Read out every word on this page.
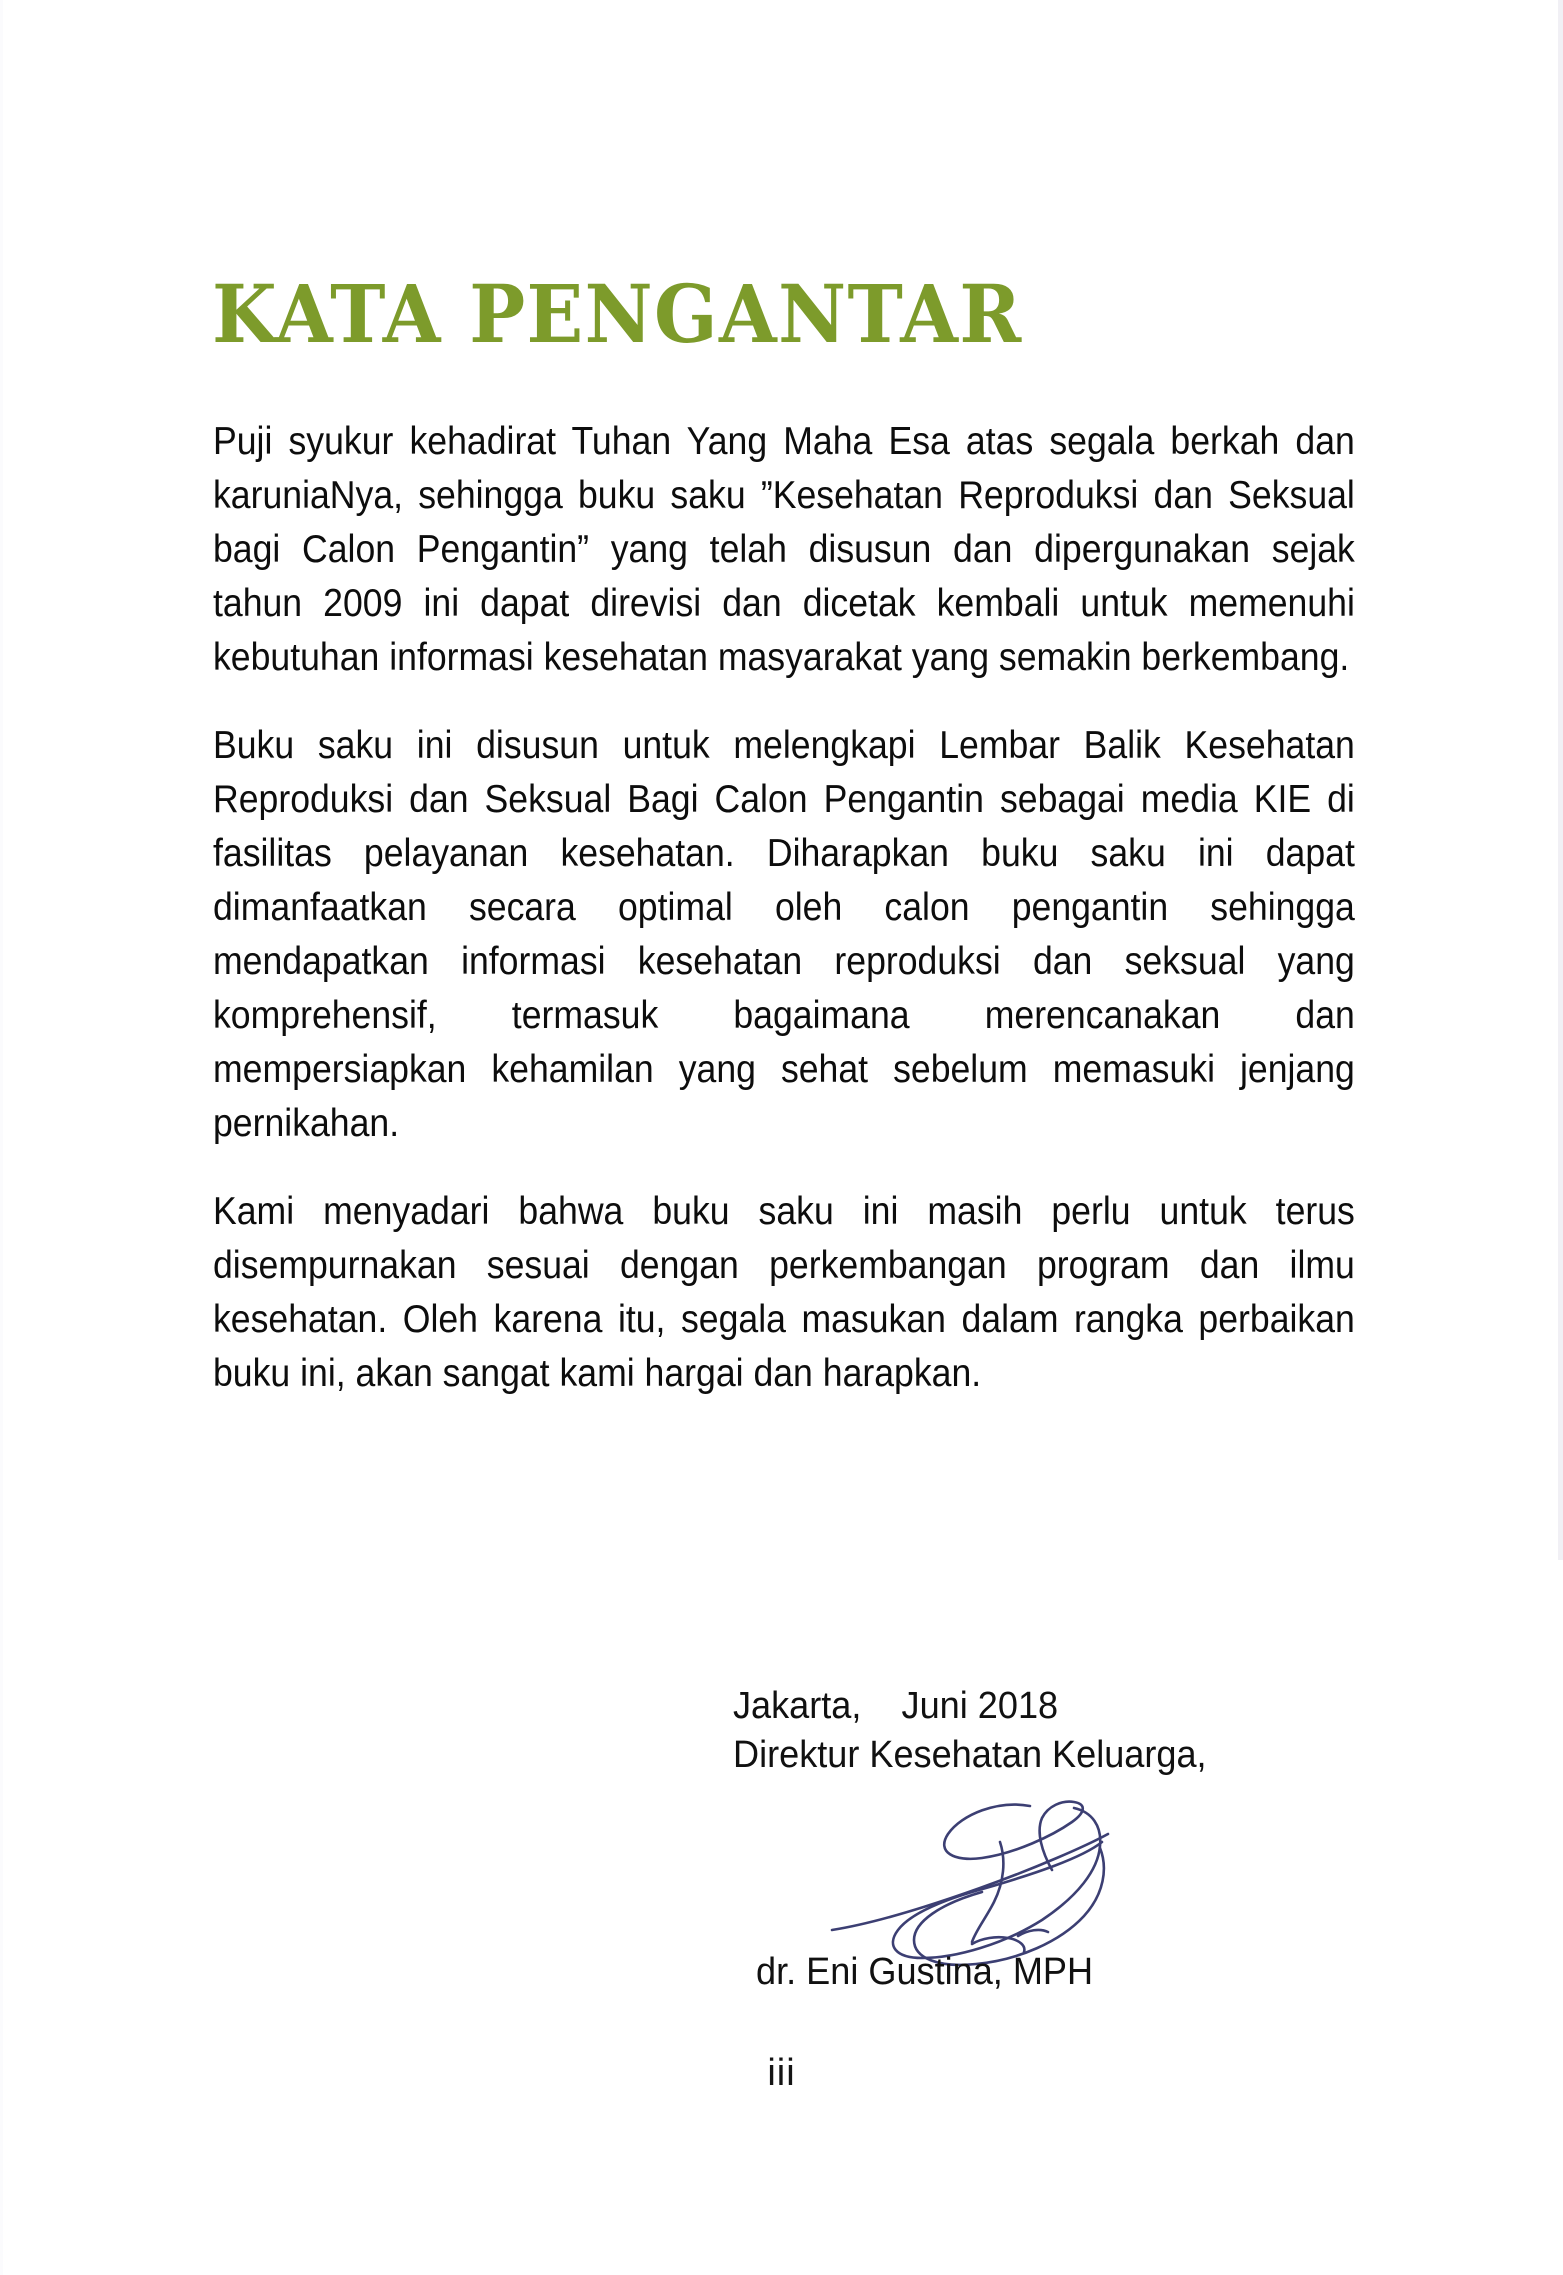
KATA PENGANTAR

Puji syukur kehadirat Tuhan Yang Maha Esa atas segala berkah dan karuniaNya, sehingga buku saku ”Kesehatan Reproduksi dan Seksual bagi Calon Pengantin” yang telah disusun dan dipergunakan sejak tahun 2009 ini dapat direvisi dan dicetak kembali untuk memenuhi kebutuhan informasi kesehatan masyarakat yang semakin berkembang.

Buku saku ini disusun untuk melengkapi Lembar Balik Kesehatan Reproduksi dan Seksual Bagi Calon Pengantin sebagai media KIE di fasilitas pelayanan kesehatan. Diharapkan buku saku ini dapat dimanfaatkan secara optimal oleh calon pengantin sehingga mendapatkan informasi kesehatan reproduksi dan seksual yang komprehensif, termasuk bagaimana merencanakan dan mempersiapkan kehamilan yang sehat sebelum memasuki jenjang pernikahan.

Kami menyadari bahwa buku saku ini masih perlu untuk terus disempurnakan sesuai dengan perkembangan program dan ilmu kesehatan. Oleh karena itu, segala masukan dalam rangka perbaikan buku ini, akan sangat kami hargai dan harapkan.

Jakarta,    Juni 2018
Direktur Kesehatan Keluarga,
dr. Eni Gustina, MPH
iii
